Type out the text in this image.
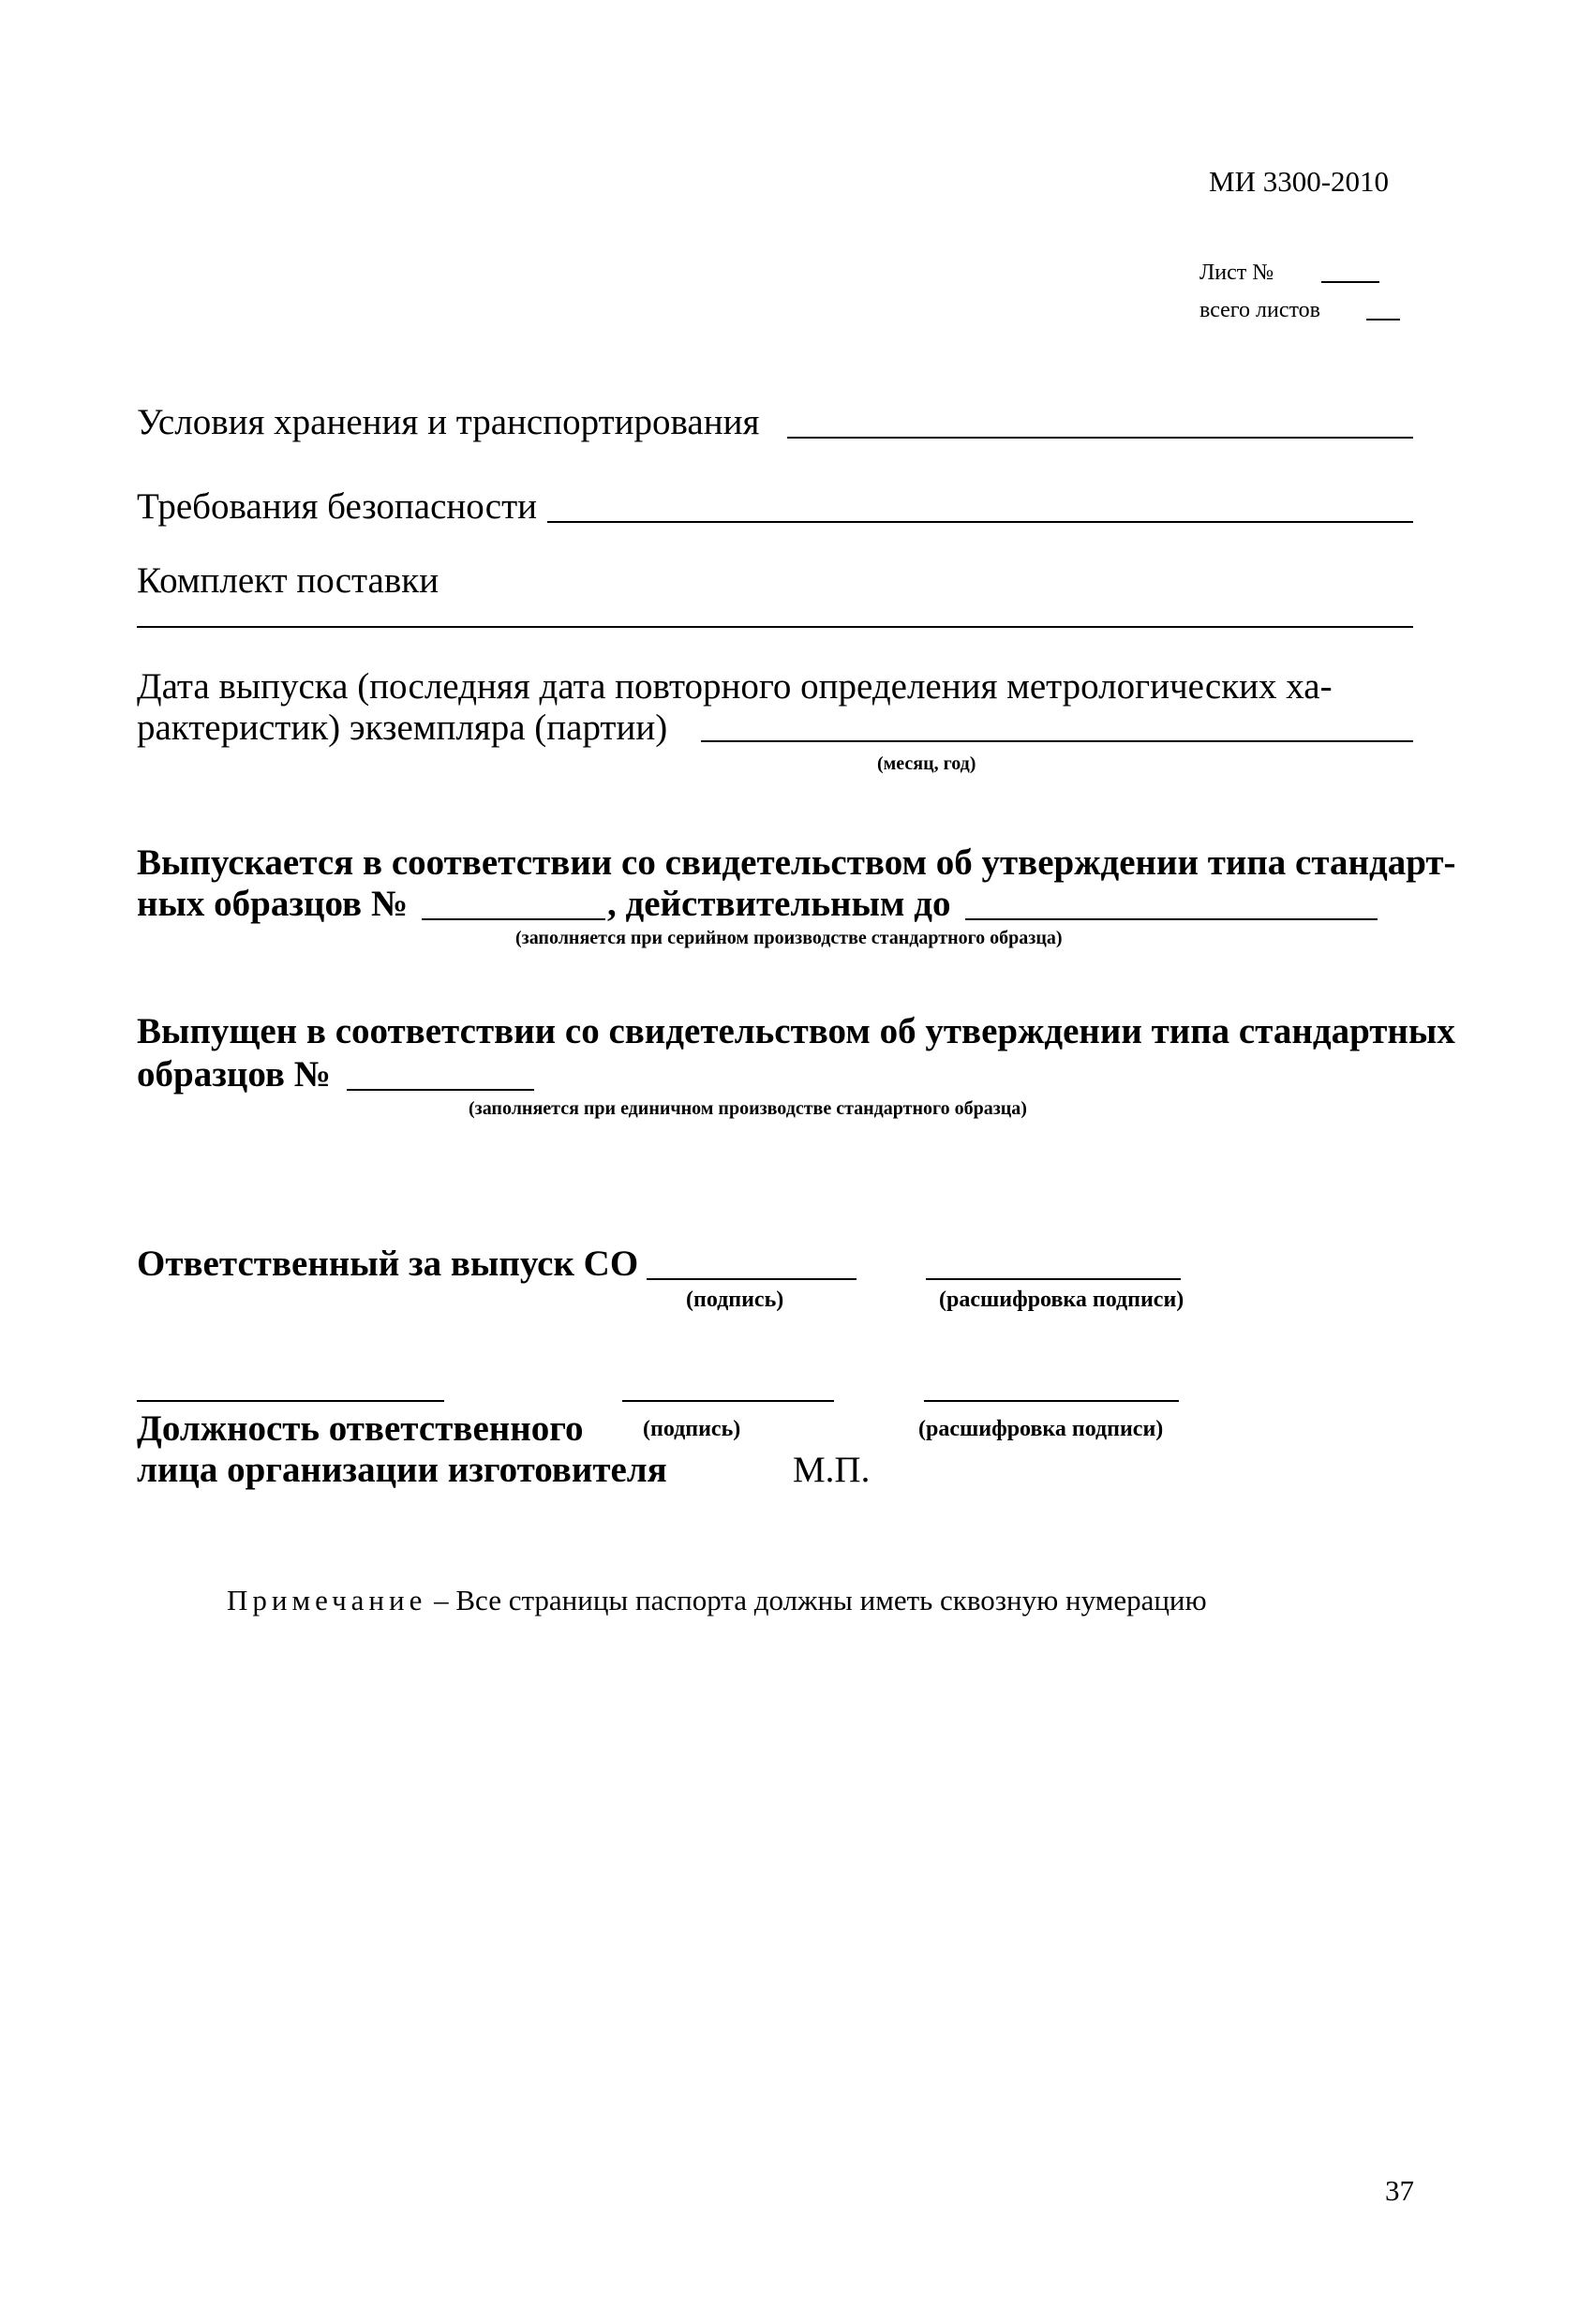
МИ 3300-2010
Лист №
всего листов
Условия хранения и транспортирования
Требования безопасности
Комплект поставки
Дата выпуска (последняя дата повторного определения метрологических ха-
рактеристик) экземпляра (партии)
(месяц, год)
Выпускается в соответствии со свидетельством об утверждении типа стандарт-
ных образцов №	, действительным до
(заполняется при серийном производстве стандартного образца)
Выпущен в соответствии со свидетельством об утверждении типа стандартных
образцов №
(заполняется при единичном производстве стандартного образца)
Ответственный за выпуск СО
(подпись)	(расшифровка подписи)
Должность ответственного	(подпись)	(расшифровка подписи)
лица организации изготовителя	М.П.
Примечание – Все страницы паспорта должны иметь сквозную нумерацию
37
